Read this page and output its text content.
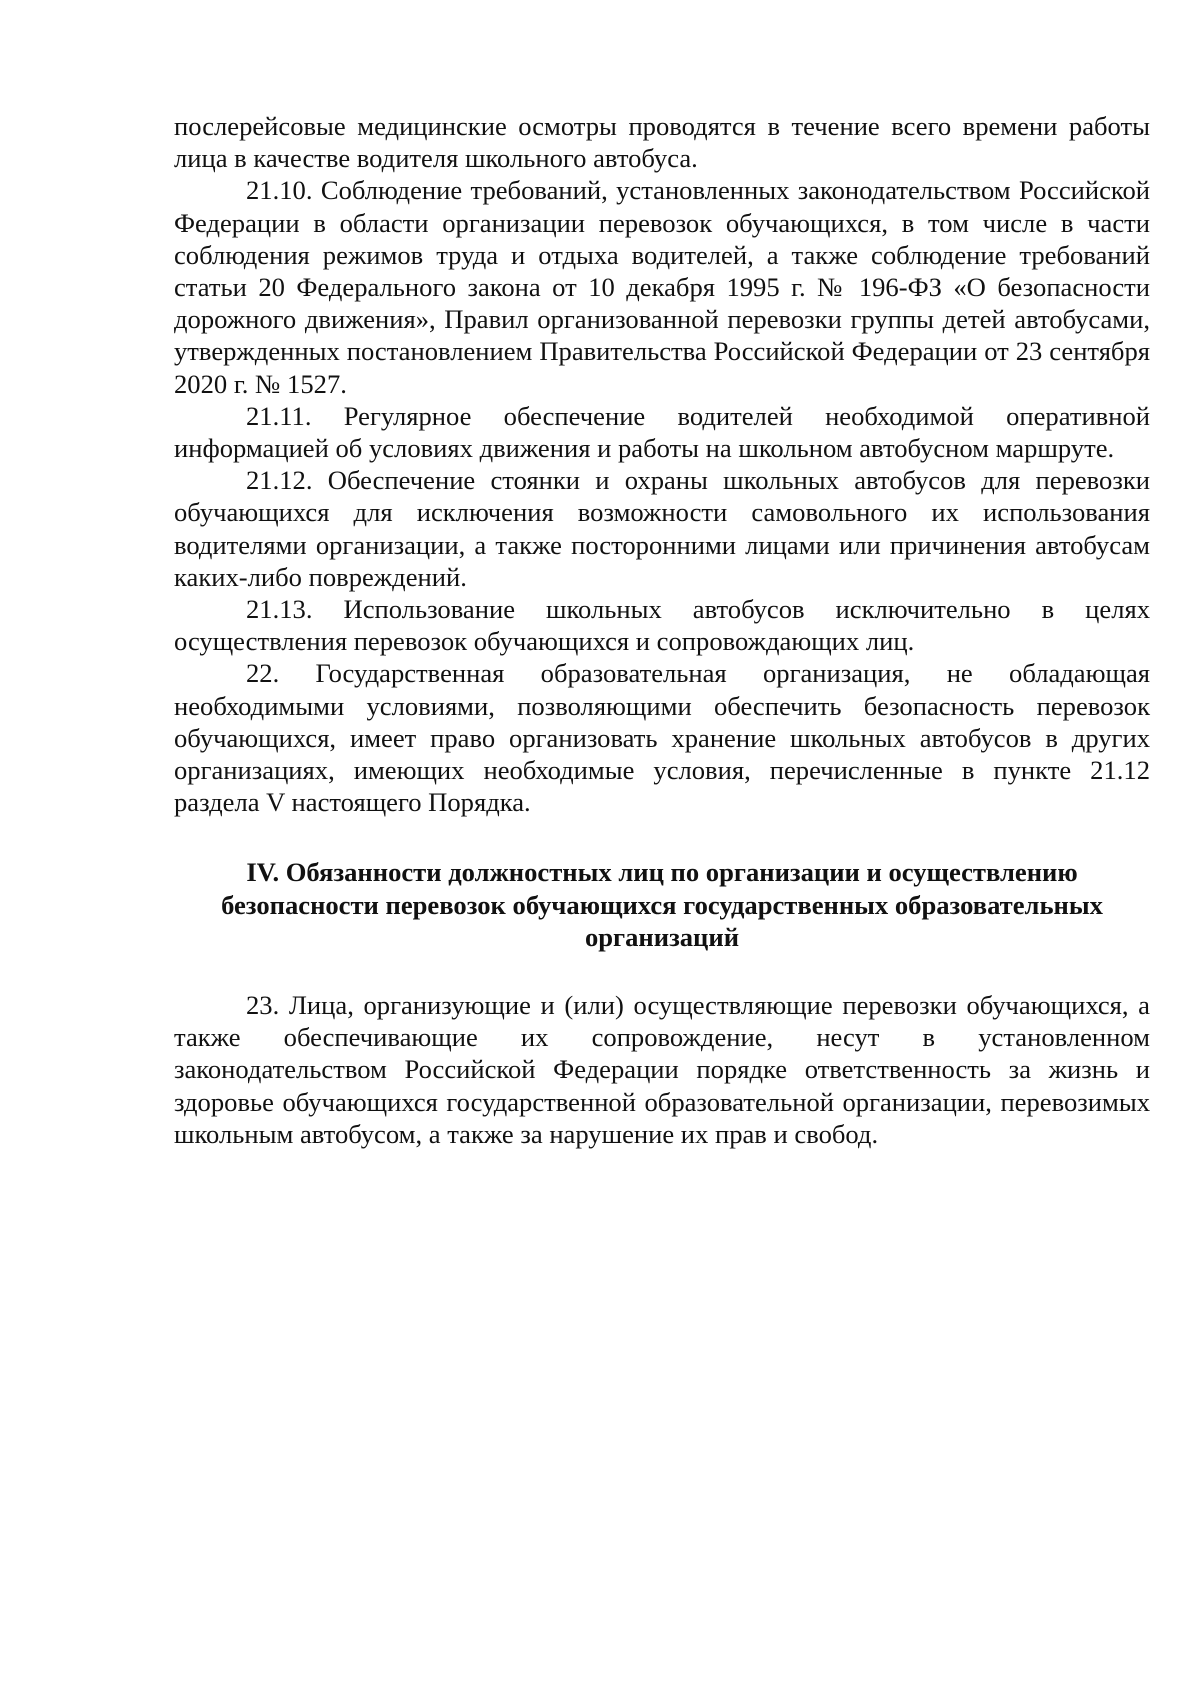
послерейсовые медицинские осмотры проводятся в течение всего времени работы лица в качестве водителя школьного автобуса.

21.10. Соблюдение требований, установленных законодательством Российской Федерации в области организации перевозок обучающихся, в том числе в части соблюдения режимов труда и отдыха водителей, а также соблюдение требований статьи 20 Федерального закона от 10 декабря 1995 г. № 196-ФЗ «О безопасности дорожного движения», Правил организованной перевозки группы детей автобусами, утвержденных постановлением Правительства Российской Федерации от 23 сентября 2020 г. № 1527.

21.11. Регулярное обеспечение водителей необходимой оперативной информацией об условиях движения и работы на школьном автобусном маршруте.

21.12. Обеспечение стоянки и охраны школьных автобусов для перевозки обучающихся для исключения возможности самовольного их использования водителями организации, а также посторонними лицами или причинения автобусам каких-либо повреждений.

21.13. Использование школьных автобусов исключительно в целях осуществления перевозок обучающихся и сопровождающих лиц.

22. Государственная образовательная организация, не обладающая необходимыми условиями, позволяющими обеспечить безопасность перевозок обучающихся, имеет право организовать хранение школьных автобусов в других организациях, имеющих необходимые условия, перечисленные в пункте 21.12 раздела V настоящего Порядка.

IV. Обязанности должностных лиц по организации и осуществлению
безопасности перевозок обучающихся государственных образовательных
организаций

23. Лица, организующие и (или) осуществляющие перевозки обучающихся, а также обеспечивающие их сопровождение, несут в установленном законодательством Российской Федерации порядке ответственность за жизнь и здоровье обучающихся государственной образовательной организации, перевозимых школьным автобусом, а также за нарушение их прав и свобод.
